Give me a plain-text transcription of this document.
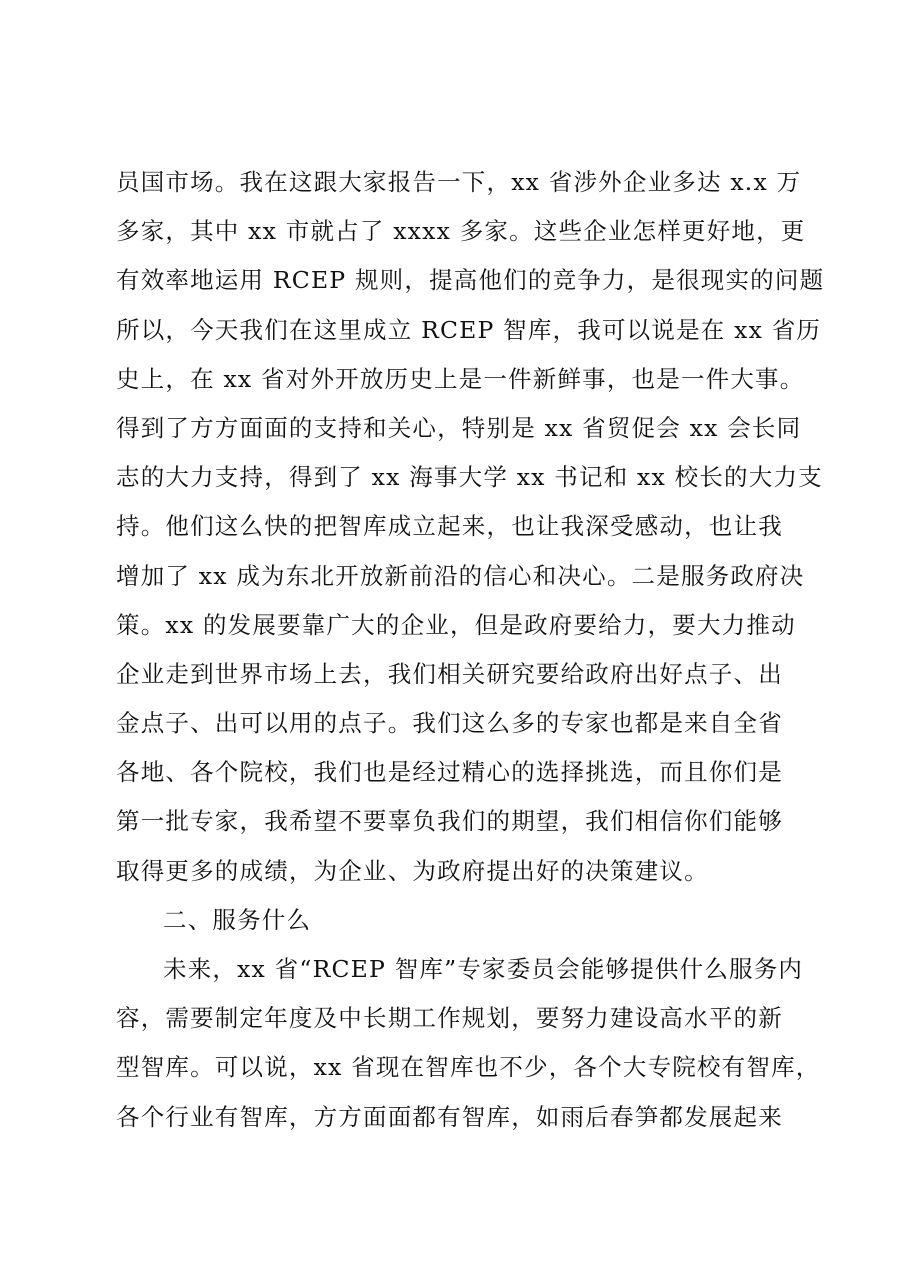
员国市场。我在这跟大家报告一下，xx 省涉外企业多达 x.x 万
多家，其中 xx 市就占了 xxxx 多家。这些企业怎样更好地，更
有效率地运用 RCEP 规则，提高他们的竞争力，是很现实的问题
所以，今天我们在这里成立 RCEP 智库，我可以说是在 xx 省历
史上，在 xx 省对外开放历史上是一件新鲜事，也是一件大事。
得到了方方面面的支持和关心，特别是 xx 省贸促会 xx 会长同
志的大力支持，得到了 xx 海事大学 xx 书记和 xx 校长的大力支
持。他们这么快的把智库成立起来，也让我深受感动，也让我
增加了 xx 成为东北开放新前沿的信心和决心。二是服务政府决
策。xx 的发展要靠广大的企业，但是政府要给力，要大力推动
企业走到世界市场上去，我们相关研究要给政府出好点子、出
金点子、出可以用的点子。我们这么多的专家也都是来自全省
各地、各个院校，我们也是经过精心的选择挑选，而且你们是
第一批专家，我希望不要辜负我们的期望，我们相信你们能够
取得更多的成绩，为企业、为政府提出好的决策建议。
二、服务什么
未来，xx 省“RCEP 智库”专家委员会能够提供什么服务内
容，需要制定年度及中长期工作规划，要努力建设高水平的新
型智库。可以说，xx 省现在智库也不少，各个大专院校有智库，
各个行业有智库，方方面面都有智库，如雨后春笋都发展起来
